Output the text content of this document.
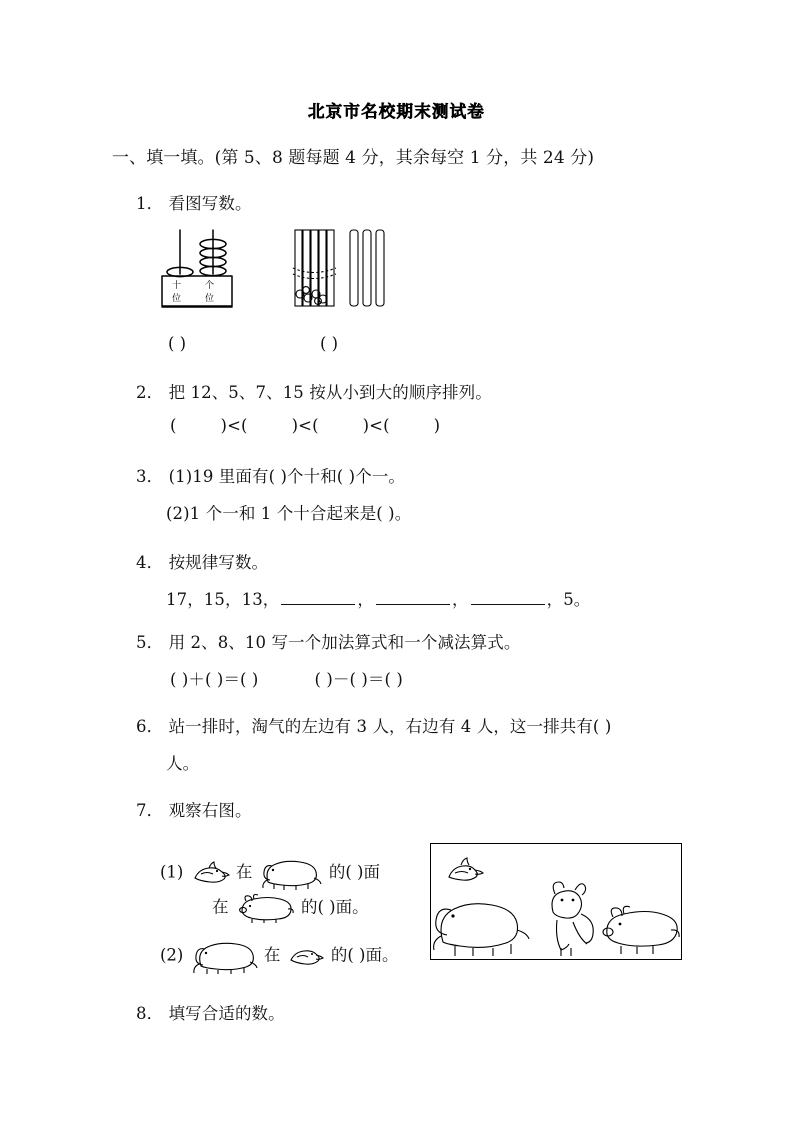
北京市名校期末测试卷
一、填一填。(第 5、8 题每题 4 分，其余每空 1 分，共 24 分)
1． 看图写数。
十
位
个
位
( )	( )
2． 把 12、5、7、15 按从小到大的顺序排列。
(	)<(	)<(	)<(	)
3． (1)19 里面有( )个十和( )个一。
(2)1 个一和 1 个十合起来是( )。
4． 按规律写数。
17，15，13，	，	，	，5。
5． 用 2、8、10 写一个加法算式和一个减法算式。
( )＋( )＝( )	( )－( )＝( )
6． 站一排时，淘气的左边有 3 人，右边有 4 人，这一排共有( )
人。
7． 观察右图。
(1)	在	的( )面
在	的( )面。
(2)	在	的( )面。
8． 填写合适的数。
